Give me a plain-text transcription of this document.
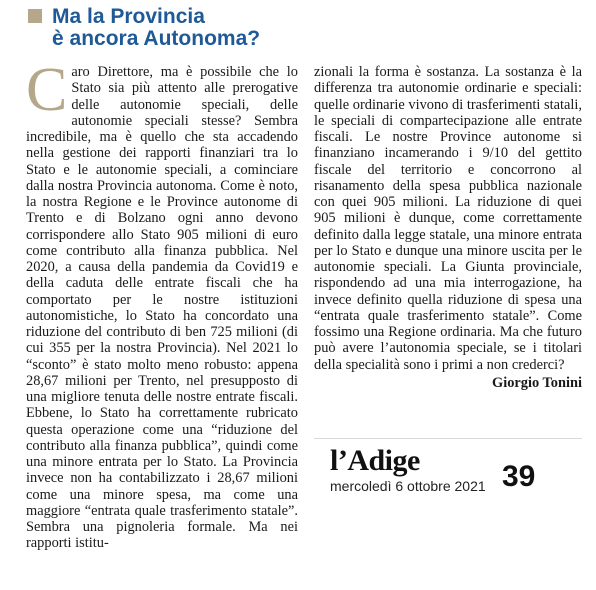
Ma la Provincia
è ancora Autonoma?
Caro Direttore, ma è possibile che lo Stato sia più attento alle prerogative delle autonomie speciali, delle autonomie speciali stesse? Sembra incredibile, ma è quello che sta accadendo nella gestione dei rapporti finanziari tra lo Stato e le autonomie speciali, a cominciare dalla nostra Provincia autonoma. Come è noto, la nostra Regione e le Province autonome di Trento e di Bolzano ogni anno devono corrispondere allo Stato 905 milioni di euro come contributo alla finanza pubblica. Nel 2020, a causa della pandemia da Covid19 e della caduta delle entrate fiscali che ha comportato per le nostre istituzioni autonomistiche, lo Stato ha concordato una riduzione del contributo di ben 725 milioni (di cui 355 per la nostra Provincia). Nel 2021 lo “sconto” è stato molto meno robusto: appena 28,67 milioni per Trento, nel presupposto di una migliore tenuta delle nostre entrate fiscali. Ebbene, lo Stato ha correttamente rubricato questa operazione come una “riduzione del contributo alla finanza pubblica”, quindi come una minore entrata per lo Stato. La Provincia invece non ha contabilizzato i 28,67 milioni come una minore spesa, ma come una maggiore “entrata quale trasferimento statale”. Sembra una pignoleria formale. Ma nei rapporti istitu-
zionali la forma è sostanza. La sostanza è la differenza tra autonomie ordinarie e speciali: quelle ordinarie vivono di trasferimenti statali, le speciali di compartecipazione alle entrate fiscali. Le nostre Province autonome si finanziano incamerando i 9/10 del gettito fiscale del territorio e concorrono al risanamento della spesa pubblica nazionale con quei 905 milioni. La riduzione di quei 905 milioni è dunque, come correttamente definito dalla legge statale, una minore entrata per lo Stato e dunque una minore uscita per le autonomie speciali. La Giunta provinciale, rispondendo ad una mia interrogazione, ha invece definito quella riduzione di spesa una “entrata quale trasferimento statale”. Come fossimo una Regione ordinaria. Ma che futuro può avere l’autonomia speciale, se i titolari della specialità sono i primi a non crederci?
Giorgio Tonini
l’Adige
mercoledì 6 ottobre 2021 39
